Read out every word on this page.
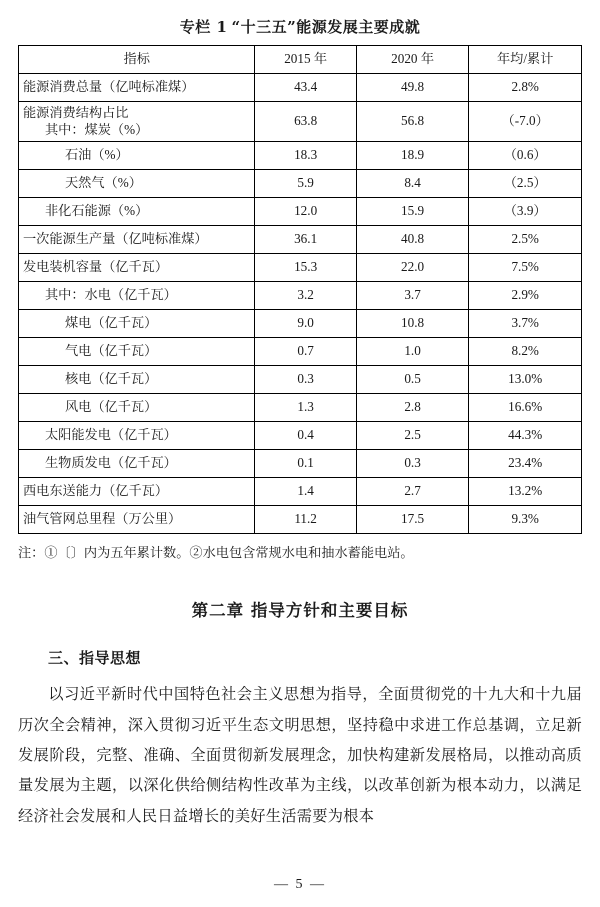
专栏 1 “十三五”能源发展主要成就
指标	2015 年	2020 年	年均/累计
能源消费总量（亿吨标准煤）	43.4	49.8	2.8%

能源消费结构占比
其中：煤炭（%）	63.8	56.8	（-7.0）
石油（%）	18.3	18.9	（0.6）
天然气（%）	5.9	8.4	（2.5）
非化石能源（%）	12.0	15.9	（3.9）
一次能源生产量（亿吨标准煤）	36.1	40.8	2.5%
发电装机容量（亿千瓦）	15.3	22.0	7.5%
其中：水电（亿千瓦）	3.2	3.7	2.9%
煤电（亿千瓦）	9.0	10.8	3.7%
气电（亿千瓦）	0.7	1.0	8.2%
核电（亿千瓦）	0.3	0.5	13.0%
风电（亿千瓦）	1.3	2.8	16.6%
太阳能发电（亿千瓦）	0.4	2.5	44.3%
生物质发电（亿千瓦）	0.1	0.3	23.4%
西电东送能力（亿千瓦）	1.4	2.7	13.2%
油气管网总里程（万公里）	11.2	17.5	9.3%
注：①〔〕内为五年累计数。②水电包含常规水电和抽水蓄能电站。
第二章 指导方针和主要目标
三、指导思想
以习近平新时代中国特色社会主义思想为指导，全面贯彻党的十九大和十九届历次全会精神，深入贯彻习近平生态文明思想，坚持稳中求进工作总基调，立足新发展阶段，完整、准确、全面贯彻新发展理念，加快构建新发展格局，以推动高质量发展为主题，以深化供给侧结构性改革为主线，以改革创新为根本动力，以满足经济社会发展和人民日益增长的美好生活需要为根本
— 5 —
